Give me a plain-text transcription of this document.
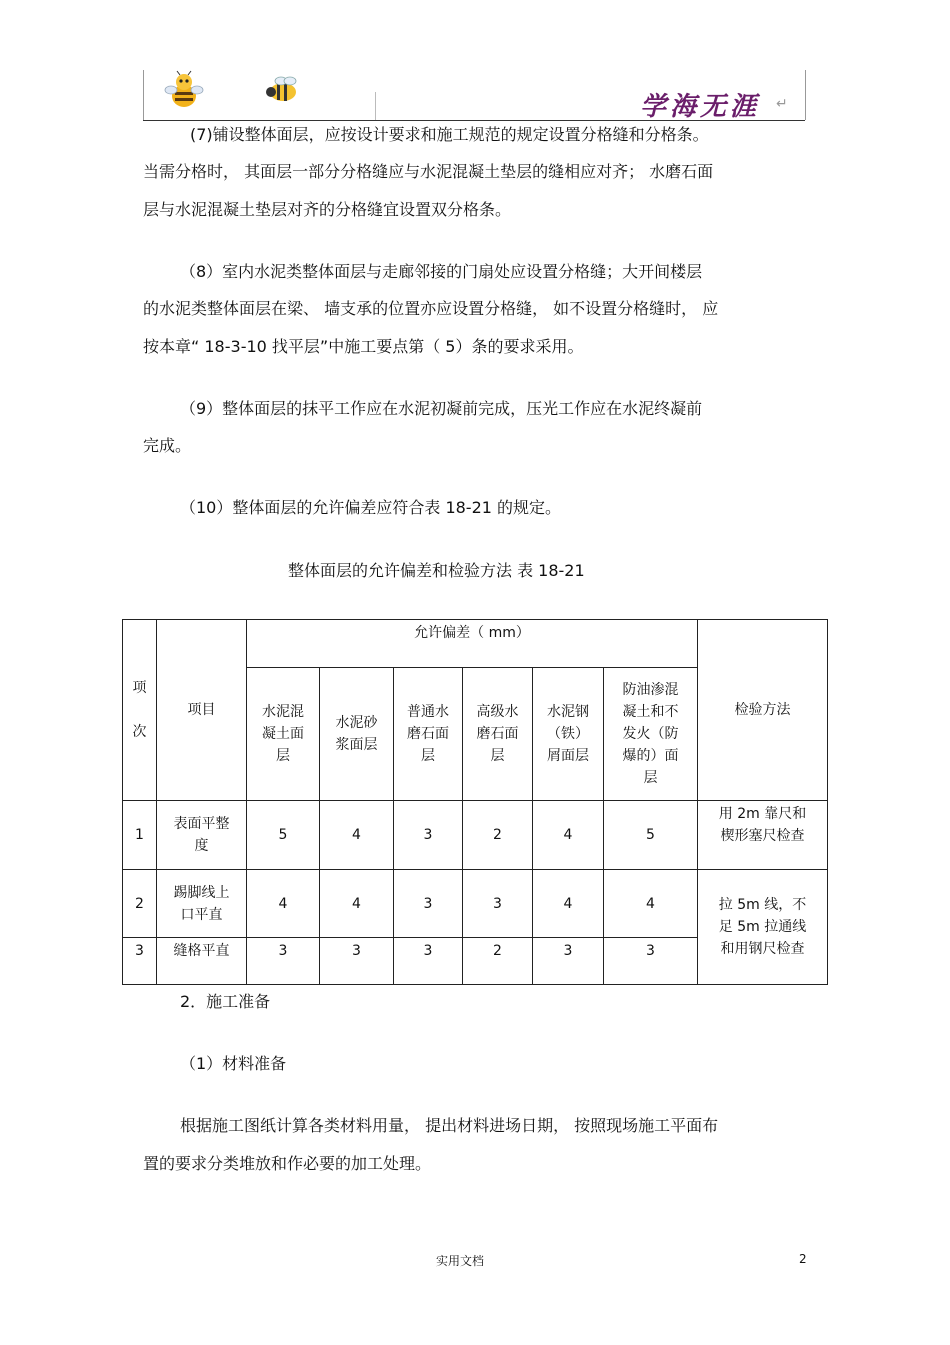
学海无涯 ↵
(7)铺设整体面层，应按设计要求和施工规范的规定设置分格缝和分格条。
当需分格时， 其面层一部分分格缝应与水泥混凝土垫层的缝相应对齐； 水磨石面
层与水泥混凝土垫层对齐的分格缝宜设置双分格条。
（8）室内水泥类整体面层与走廊邻接的门扇处应设置分格缝；大开间楼层
的水泥类整体面层在梁、 墙支承的位置亦应设置分格缝， 如不设置分格缝时， 应
按本章“ 18-3-10 找平层”中施工要点第（ 5）条的要求采用。
（9）整体面层的抹平工作应在水泥初凝前完成，压光工作应在水泥终凝前
完成。
（10）整体面层的允许偏差应符合表 18-21 的规定。
整体面层的允许偏差和检验方法 表 18-21
项

次	项目	允许偏差（ mm）						检验方法
		水泥混
凝土面
层	水泥砂
浆面层	普通水
磨石面
层	高级水
磨石面
层	水泥钢
（铁）
屑面层	防油渗混
凝土和不
发火（防
爆的）面
层	
1	表面平整
度	5	4	3	2	4	5	用 2m 靠尺和
楔形塞尺检查
2	踢脚线上
口平直	4	4	3	3	4	4	拉 5m 线，不
足 5m 拉通线
和用钢尺检查
3	缝格平直	3	3	3	2	3	3	
2．施工准备
（1）材料准备
根据施工图纸计算各类材料用量， 提出材料进场日期， 按照现场施工平面布
置的要求分类堆放和作必要的加工处理。
实用文档	2
